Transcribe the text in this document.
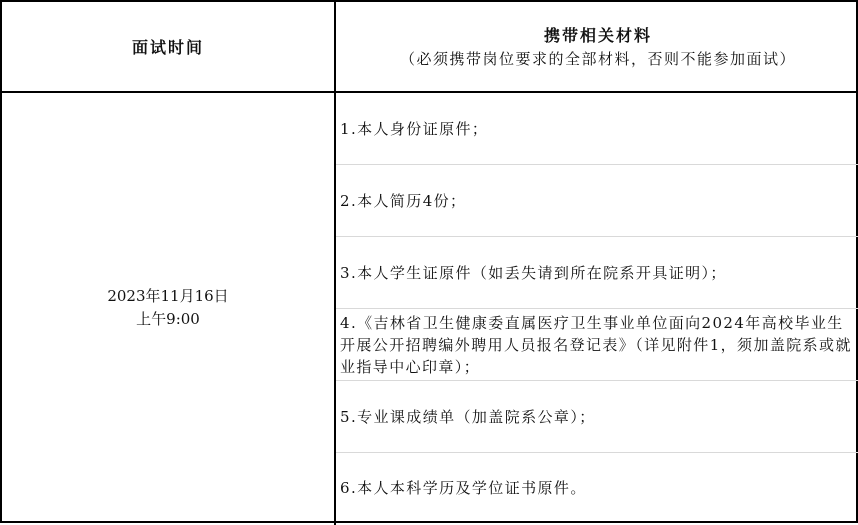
面试时间
携带相关材料
（必须携带岗位要求的全部材料，否则不能参加面试）
2023年11月16日
上午9:00
1.本人身份证原件；
2.本人简历4份；
3.本人学生证原件（如丢失请到所在院系开具证明）；
4.《吉林省卫生健康委直属医疗卫生事业单位面向2024年高校毕业生开展公开招聘编外聘用人员报名登记表》（详见附件1，须加盖院系或就业指导中心印章）；
5.专业课成绩单（加盖院系公章）；
6.本人本科学历及学位证书原件。
